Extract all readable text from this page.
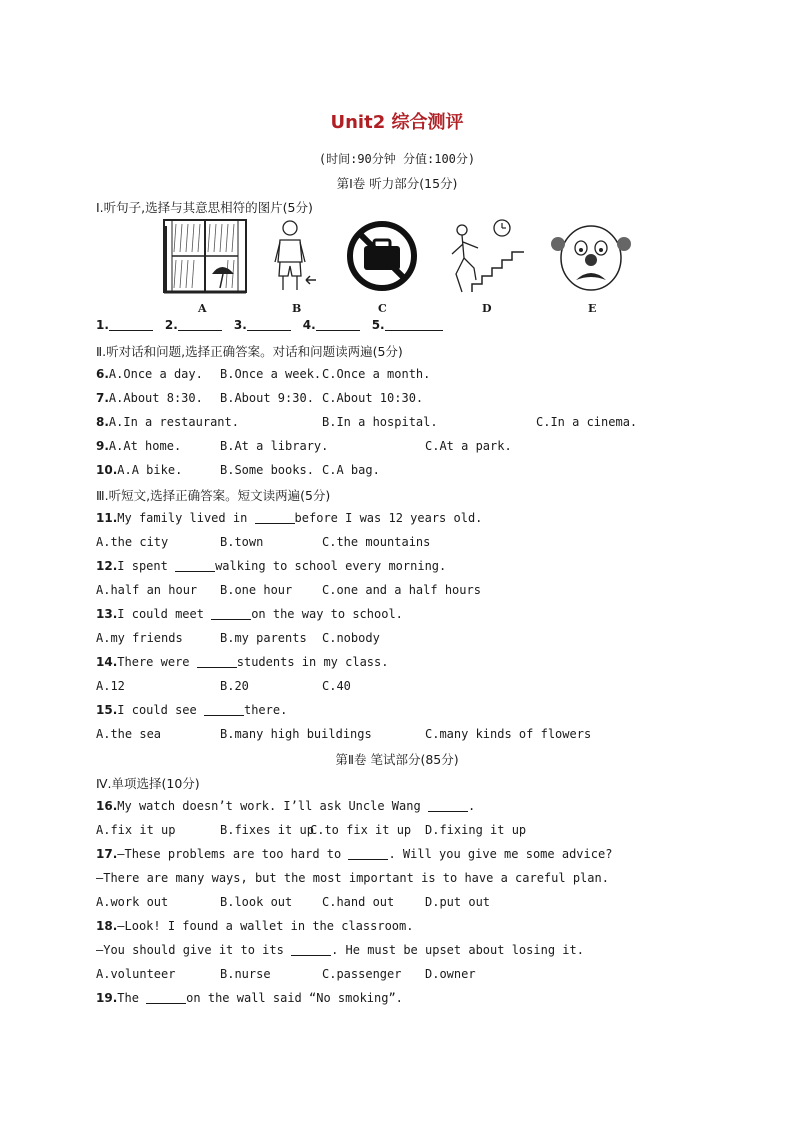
Unit2 综合测评
(时间:90分钟 分值:100分)
第Ⅰ卷 听力部分(15分)
Ⅰ.听句子,选择与其意思相符的图片(5分)
A	B	C	D	E
1.	2.	3.	4.	5.
Ⅱ.听对话和问题,选择正确答案。对话和问题读两遍(5分)
6.A.Once a day. B.Once a week. C.Once a month.
7.A.About 8:30. B.About 9:30. C.About 10:30.
8.A.In a restaurant.	B.In a hospital.	C.In a cinema.
9.A.At home.	B.At a library.	C.At a park.
10.A.A bike.	B.Some books. C.A bag.
Ⅲ.听短文,选择正确答案。短文读两遍(5分)
11.My family lived in	before I was 12 years old.
A.the city	B.town	C.the mountains
12.I spent	walking to school every morning.
A.half an hour B.one hour C.one and a half hours
13.I could meet	on the way to school.
A.my friends	B.my parents C.nobody
14.There were	students in my class.
A.12	B.20	C.40
15.I could see	there.
A.the sea	B.many high buildings	C.many kinds of flowers
第Ⅱ卷 笔试部分(85分)
Ⅳ.单项选择(10分)
16.My watch doesn’t work. I’ll ask Uncle Wang	.
A.fix it up	B.fixes it up
C.to fix it up D.fixing it up
17.—These problems are too hard to	. Will you give me some advice?
—There are many ways, but the most important is to have a careful plan.
A.work out	B.look out C.hand out	D.put out
18.—Look! I found a wallet in the classroom.
—You should give it to its	. He must be upset about losing it.
A.volunteer	B.nurse	C.passenger D.owner
19.The	on the wall said “No smoking”.
